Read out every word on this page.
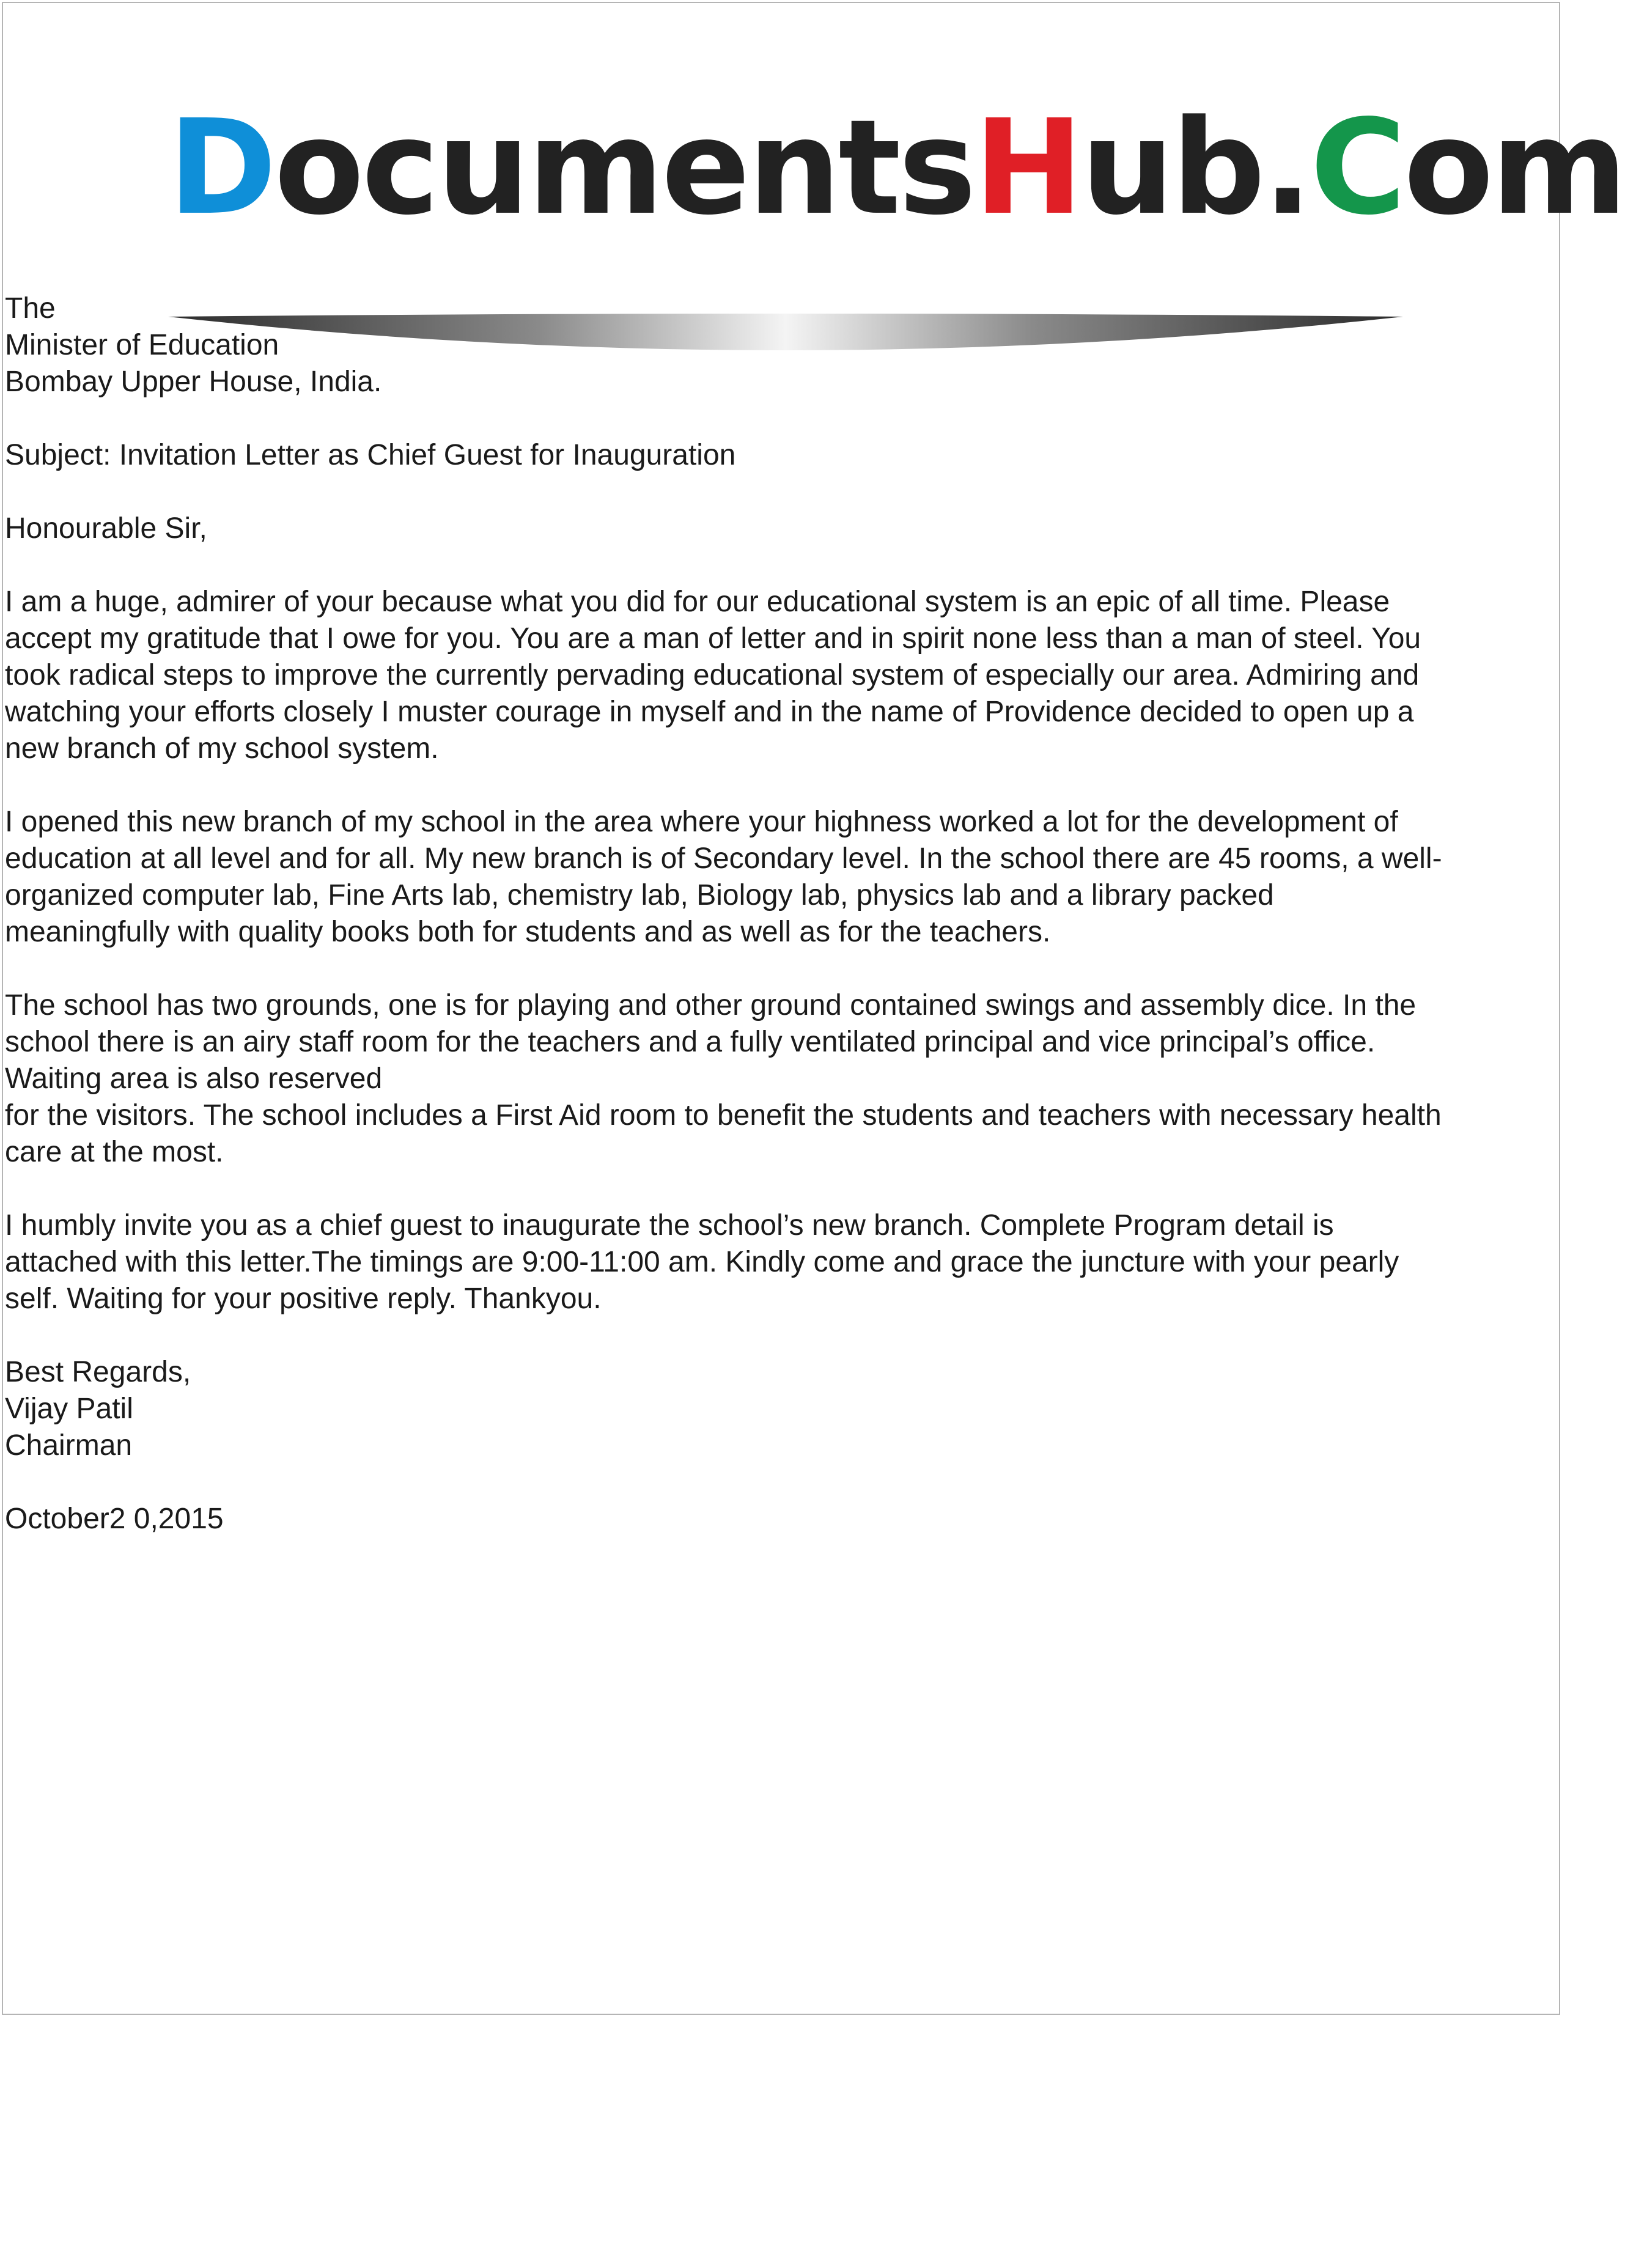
DocumentsHub.Com
The
Minister of Education
Bombay Upper House, India.
Subject: Invitation Letter as Chief Guest for Inauguration
Honourable Sir,
I am a huge, admirer of your because what you did for our educational system is an epic of all time. Please
accept my gratitude that I owe for you. You are a man of letter and in spirit none less than a man of steel. You
took radical steps to improve the currently pervading educational system of especially our area. Admiring and
watching your efforts closely I muster courage in myself and in the name of Providence decided to open up a
new branch of my school system.
I opened this new branch of my school in the area where your highness worked a lot for the development of
education at all level and for all. My new branch is of Secondary level. In the school there are 45 rooms, a well-
organized computer lab, Fine Arts lab, chemistry lab, Biology lab, physics lab and a library packed
meaningfully with quality books both for students and as well as for the teachers.
The school has two grounds, one is for playing and other ground contained swings and assembly dice. In the
school there is an airy staff room for the teachers and a fully ventilated principal and vice principal’s office.
Waiting area is also reserved
for the visitors. The school includes a First Aid room to benefit the students and teachers with necessary health
care at the most.
I humbly invite you as a chief guest to inaugurate the school’s new branch. Complete Program detail is
attached with this letter.The timings are 9:00-11:00 am. Kindly come and grace the juncture with your pearly
self. Waiting for your positive reply. Thankyou.
Best Regards,
Vijay Patil
Chairman
October2 0,2015
